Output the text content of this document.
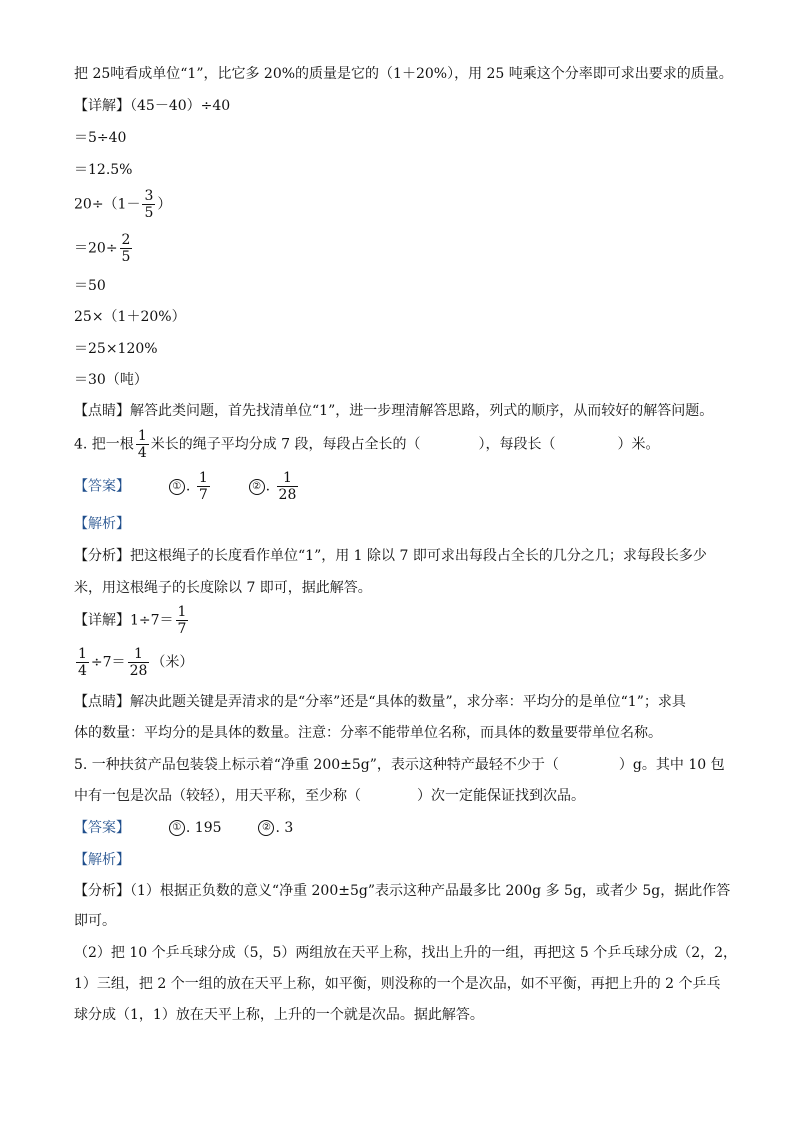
把 25吨看成单位“1”，比它多 20%的质量是它的（1＋20%），用 25 吨乘这个分率即可求出要求的质量。
【详解】（45－40）÷40
＝5÷40
＝12.5%
$20\div(1- \frac{3}{5}$ ）
$=20\div \frac{2}{5}$
＝50
25×（1＋20%）
＝25×120%
＝30（吨）
【点睛】解答此类问题，首先找清单位“1”，进一步理清解答思路，列式的顺序，从而较好的解答问题。
4. 把一根 $\frac{1}{4}$ 米长的绳子平均分成 7 段，每段占全长的（	），每段长（	）米。
【答案】	① . $\frac{1}{7}$	② . $\frac{1}{28}$
【解析】
【分析】把这根绳子的长度看作单位“1”，用 1 除以 7 即可求出每段占全长的几分之几；求每段长多少
米，用这根绳子的长度除以 7 即可，据此解答。
【详解】$1\div 7= \frac{1}{7}$
$\frac{1}{4} \div 7= \frac{1}{28}$ （米）
【点睛】解决此题关键是弄清求的是“分率”还是“具体的数量”，求分率：平均分的是单位“1”；求具
体的数量：平均分的是具体的数量。注意：分率不能带单位名称，而具体的数量要带单位名称。
5. 一种扶贫产品包装袋上标示着“净重 200±5g”，表示这种特产最轻不少于（	）g。其中 10 包
中有一包是次品（较轻），用天平称，至少称（	）次一定能保证找到次品。
【答案】	① . 195	② . 3
【解析】
【分析】（1）根据正负数的意义“净重 200±5g”表示这种产品最多比 200g 多 5g，或者少 5g，据此作答
即可。
（2）把 10 个乒乓球分成（5，5）两组放在天平上称，找出上升的一组，再把这 5 个乒乓球分成（2，2，
1）三组，把 2 个一组的放在天平上称，如平衡，则没称的一个是次品，如不平衡，再把上升的 2 个乒乓
球分成（1，1）放在天平上称，上升的一个就是次品。据此解答。
